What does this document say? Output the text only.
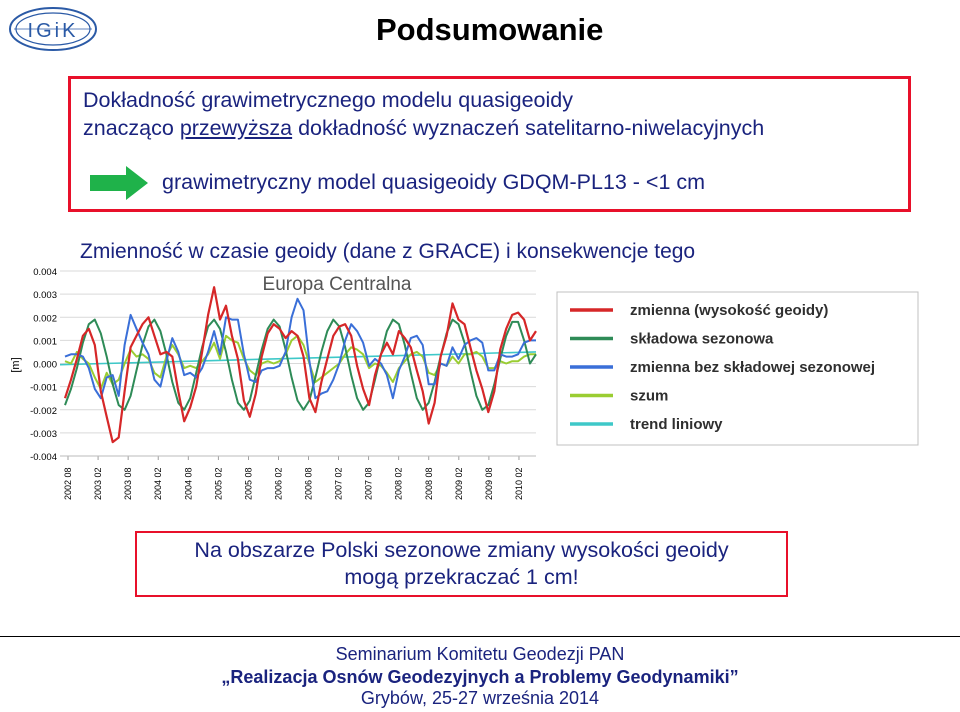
IGiK	Podsumowanie
Dokładność grawimetrycznego modelu quasigeoidy
znacząco przewyższa dokładność wyznaczeń satelitarno-niwelacyjnych
grawimetryczny model quasigeoidy GDQM-PL13 - <1 cm
Zmienność w czasie geoidy (dane z GRACE) i konsekwencje tego
0.004
0.003
0.002
0.001
0.000
-0.001
-0.002
-0.003
-0.004
2002 08 2003 02 2003 08 2004 02 2004 08 2005 02 2005 08 2006 02 2006 08 2007 02 2007 08 2008 02 2008 08 2009 02 2009 08 2010 02
[m]
Europa Centralna
zmienna (wysokość geoidy)
składowa sezonowa
zmienna bez składowej sezonowej
szum
trend liniowy
Na obszarze Polski sezonowe zmiany wysokości geoidy
mogą przekraczać 1 cm!
Seminarium Komitetu Geodezji PAN
„Realizacja Osnów Geodezyjnych a Problemy Geodynamiki”
Grybów, 25-27 września 2014
